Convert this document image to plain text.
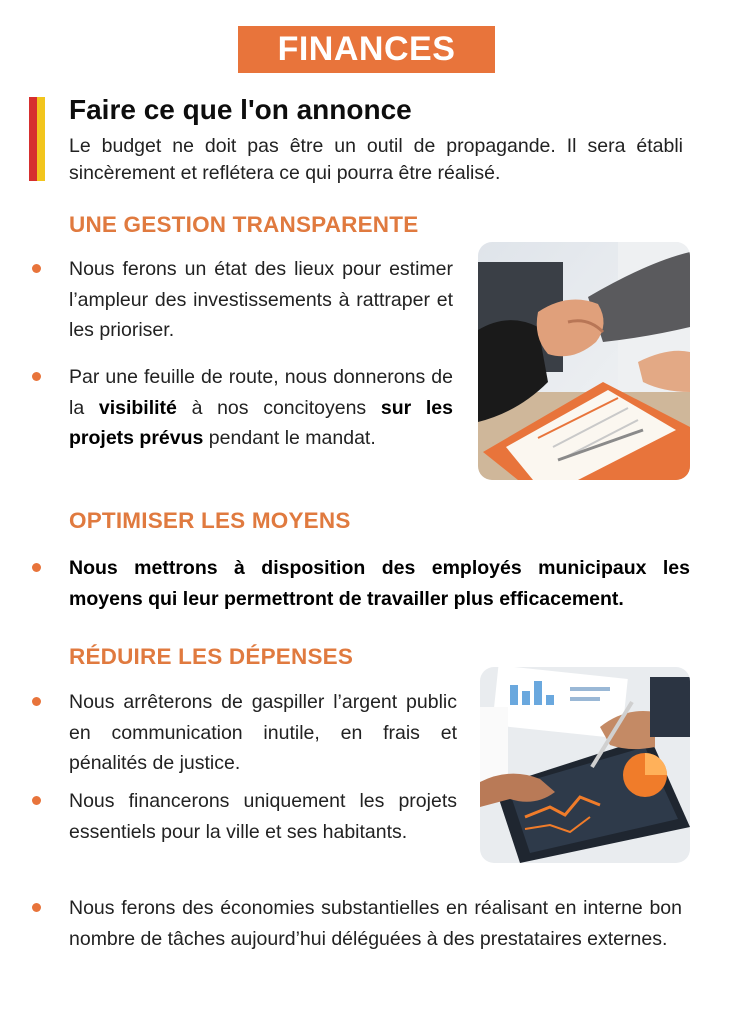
FINANCES
Faire ce que l'on annonce

Le budget ne doit pas être un outil de propagande. Il sera établi sincèrement et reflétera ce qui pourra être réalisé.

UNE GESTION TRANSPARENTE

Nous ferons un état des lieux pour estimer l’ampleur des investissements à rattraper et les prioriser.

Par une feuille de route, nous donnerons de la visibilité à nos concitoyens sur les projets prévus pendant le mandat.

OPTIMISER LES MOYENS

Nous mettrons à disposition des employés municipaux les moyens qui leur permettront de travailler plus efficacement.

RÉDUIRE LES DÉPENSES

Nous arrêterons de gaspiller l’argent public en communication inutile, en frais et pénalités de justice.

Nous financerons uniquement les projets essentiels pour la ville et ses habitants.

Nous ferons des économies substantielles en réalisant en interne bon nombre de tâches aujourd’hui déléguées à des prestataires externes.
